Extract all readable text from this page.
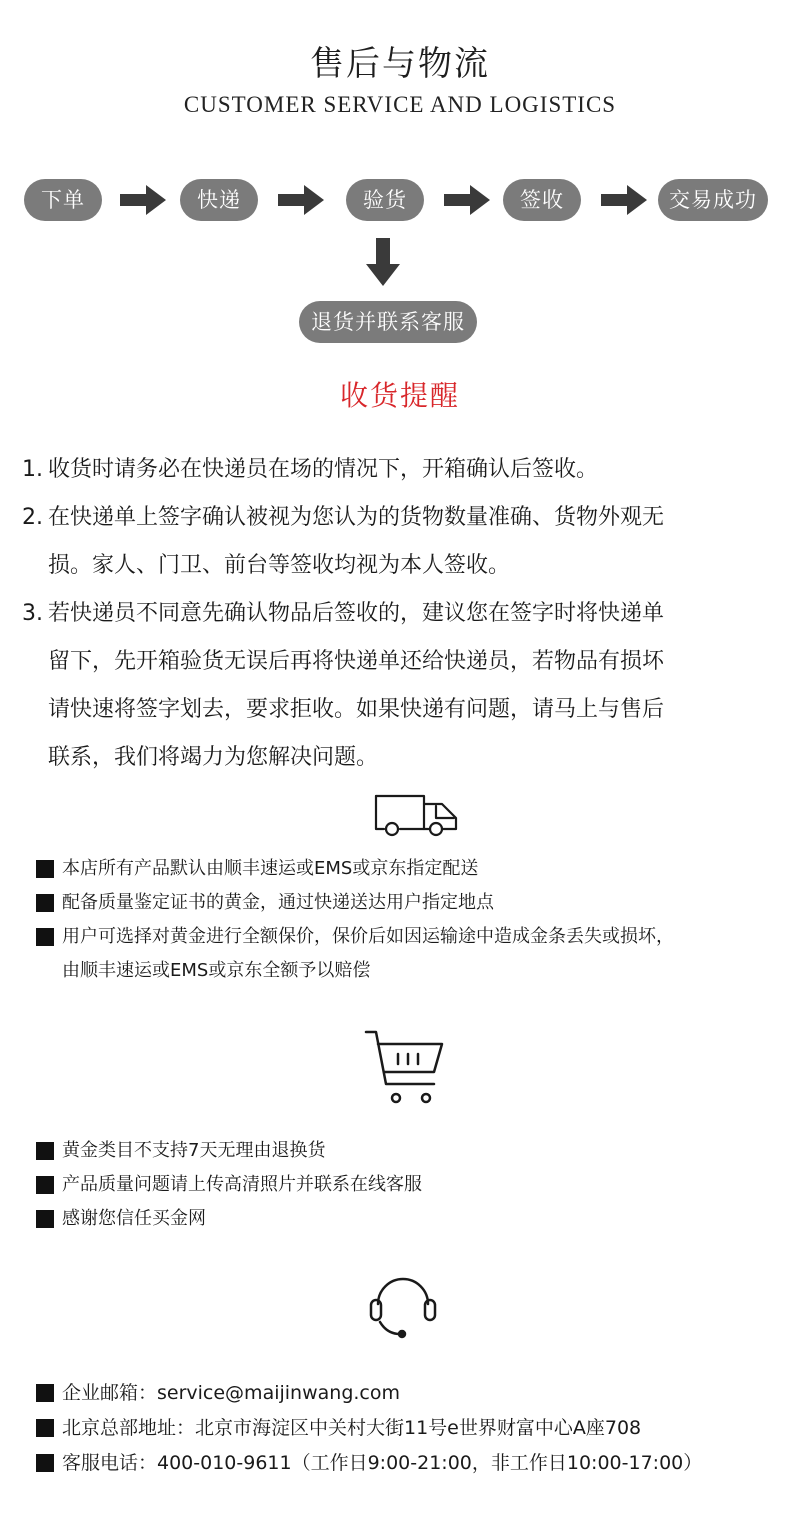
售后与物流
CUSTOMER SERVICE AND LOGISTICS
下单	快递	验货	签收	交易成功
退货并联系客服
收货提醒
1. 收货时请务必在快递员在场的情况下，开箱确认后签收。
2. 在快递单上签字确认被视为您认为的货物数量准确、货物外观无
损。家人、门卫、前台等签收均视为本人签收。
3. 若快递员不同意先确认物品后签收的，建议您在签字时将快递单
留下，先开箱验货无误后再将快递单还给快递员，若物品有损坏
请快速将签字划去，要求拒收。如果快递有问题，请马上与售后
联系，我们将竭力为您解决问题。
本店所有产品默认由顺丰速运或EMS或京东指定配送
配备质量鉴定证书的黄金，通过快递送达用户指定地点
用户可选择对黄金进行全额保价，保价后如因运输途中造成金条丢失或损坏，
由顺丰速运或EMS或京东全额予以赔偿
黄金类目不支持7天无理由退换货
产品质量问题请上传高清照片并联系在线客服
感谢您信任买金网
企业邮箱：service@maijinwang.com
北京总部地址：北京市海淀区中关村大街11号e世界财富中心A座708
客服电话：400-010-9611（工作日9:00-21:00，非工作日10:00-17:00）
